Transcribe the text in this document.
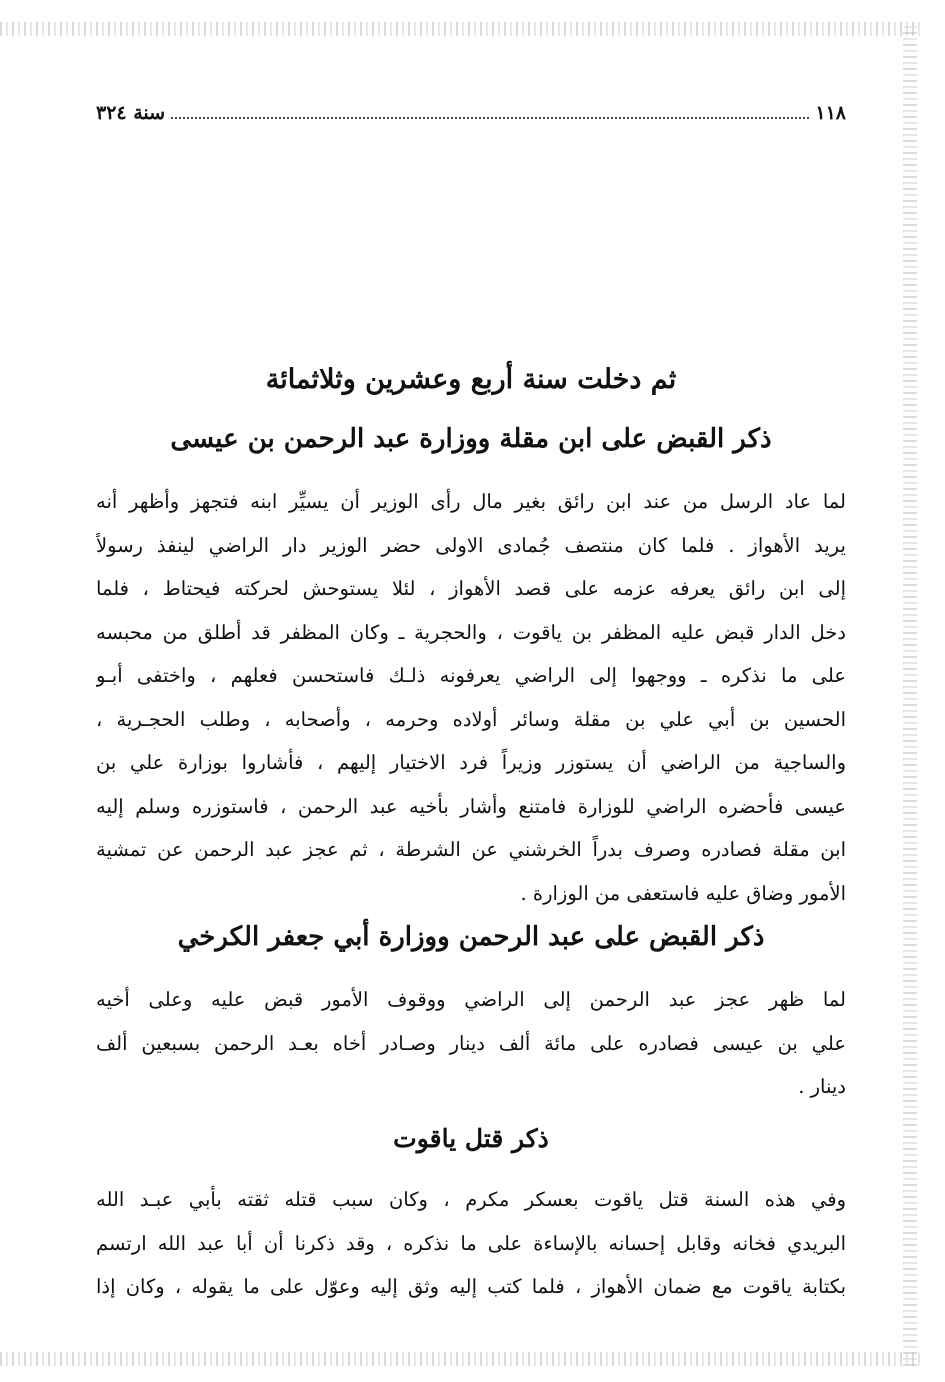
١١٨
سنة ٣٢٤
ثم دخلت سنة أربع وعشرين وثلاثمائة
ذكر القبض على ابن مقلة ووزارة عبد الرحمن بن عيسى
لما عاد الرسل من عند ابن رائق بغير مال رأى الوزير أن يسيِّر ابنه فتجهز وأظهر أنه
يريد الأهواز . فلما كان منتصف جُمادى الاولى حضر الوزير دار الراضي لينفذ رسولاً
إلى ابن رائق يعرفه عزمه على قصد الأهواز ، لئلا يستوحش لحركته فيحتاط ، فلما
دخل الدار قبض عليه المظفر بن ياقوت ، والحجرية ـ وكان المظفر قد أطلق من محبسه
على ما نذكره ـ ووجهوا إلى الراضي يعرفونه ذلـك فاستحسن فعلهم ، واختفى أبـو
الحسين بن أبي علي بن مقلة وسائر أولاده وحرمه ، وأصحابه ، وطلب الحجـرية ،
والساجية من الراضي أن يستوزر وزيراً فرد الاختيار إليهم ، فأشاروا بوزارة علي بن
عيسى فأحضره الراضي للوزارة فامتنع وأشار بأخيه عبد الرحمن ، فاستوزره وسلم إليه
ابن مقلة فصادره وصرف بدراً الخرشني عن الشرطة ، ثم عجز عبد الرحمن عن تمشية
الأمور وضاق عليه فاستعفى من الوزارة .
ذكر القبض على عبد الرحمن ووزارة أبي جعفر الكرخي
لما ظهر عجز عبد الرحمن إلى الراضي ووقوف الأمور قبض عليه وعلى أخيه
علي بن عيسى فصادره على مائة ألف دينار وصـادر أخاه بعـد الرحمن بسبعين ألف
دينار .
ذكر قتل ياقوت
وفي هذه السنة قتل ياقوت بعسكر مكرم ، وكان سبب قتله ثقته بأبي عبـد الله
البريدي فخانه وقابل إحسانه بالإساءة على ما نذكره ، وقد ذكرنا أن أبا عبد الله ارتسم
بكتابة ياقوت مع ضمان الأهواز ، فلما كتب إليه وثق إليه وعوّل على ما يقوله ، وكان إذا
